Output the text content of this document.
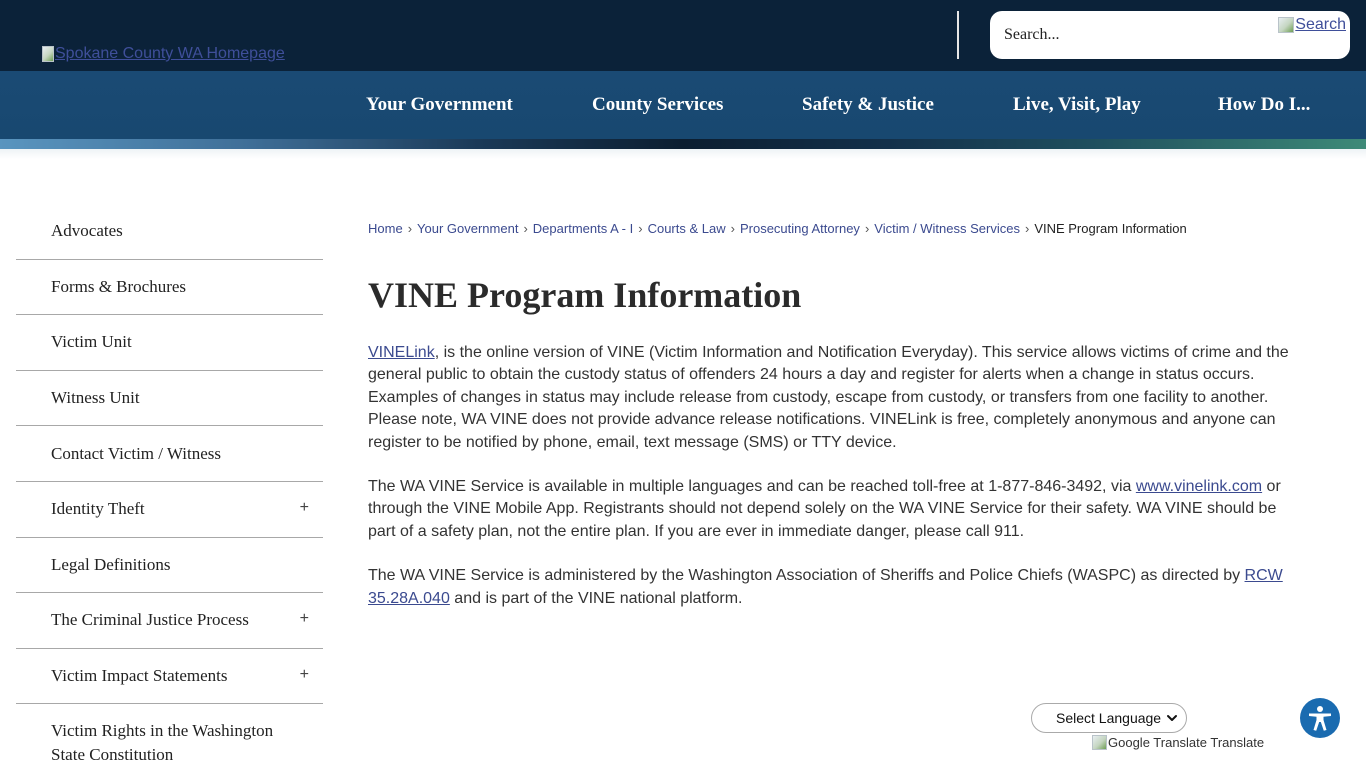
Spokane County WA Homepage
Search...
Search
Your Government	County Services	Safety & Justice	Live, Visit, Play	How Do I...
Advocates
Forms & Brochures
Victim Unit
Witness Unit
Contact Victim / Witness
Identity Theft	+
Legal Definitions
The Criminal Justice Process	+
Victim Impact Statements	+
Victim Rights in the Washington State Constitution
Home › Your Government › Departments A - I › Courts & Law › Prosecuting Attorney › Victim / Witness Services › VINE Program Information
VINE Program Information

VINELink, is the online version of VINE (Victim Information and Notification Everyday). This service allows victims of crime and the general public to obtain the custody status of offenders 24 hours a day and register for alerts when a change in status occurs. Examples of changes in status may include release from custody, escape from custody, or transfers from one facility to another. Please note, WA VINE does not provide advance release notifications. VINELink is free, completely anonymous and anyone can register to be notified by phone, email, text message (SMS) or TTY device.

The WA VINE Service is available in multiple languages and can be reached toll-free at 1-877-846-3492, via www.vinelink.com or through the VINE Mobile App. Registrants should not depend solely on the WA VINE Service for their safety. WA VINE should be part of a safety plan, not the entire plan. If you are ever in immediate danger, please call 911.

The WA VINE Service is administered by the Washington Association of Sheriffs and Police Chiefs (WASPC) as directed by RCW 35.28A.040 and is part of the VINE national platform.

Select Language
Google Translate Translate
